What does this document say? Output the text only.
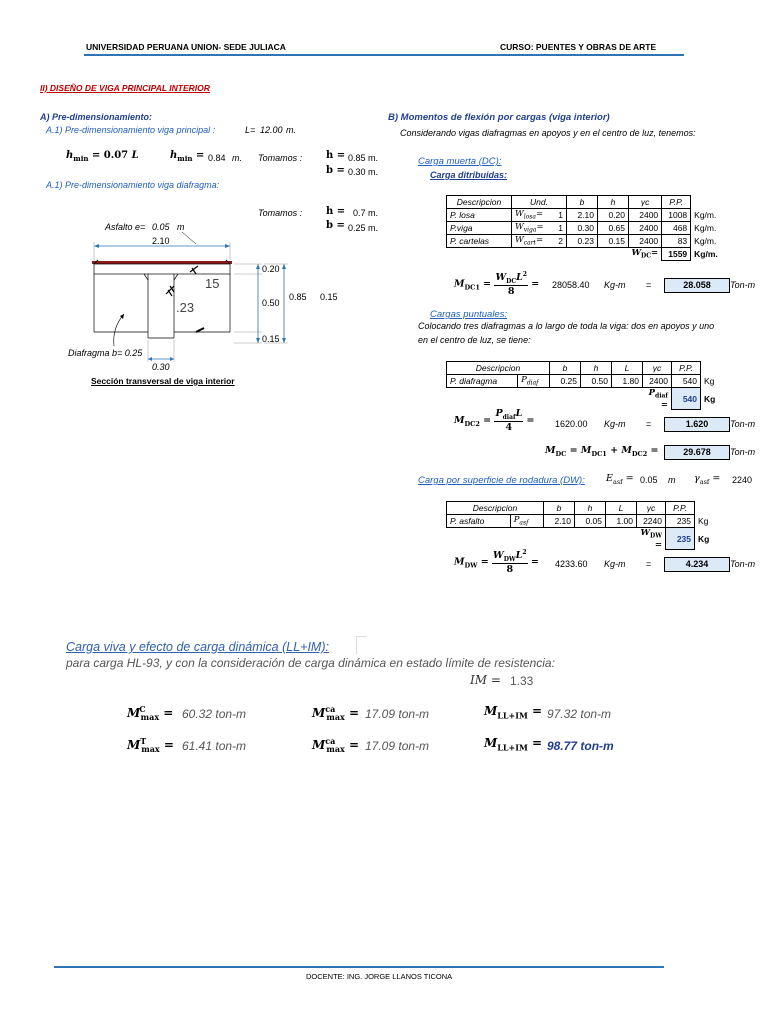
UNIVERSIDAD PERUANA UNION- SEDE JULIACA	CURSO: PUENTES Y OBRAS DE ARTE
II) DISEÑO DE VIGA PRINCIPAL INTERIOR
A) Pre-dimensionamiento:
A.1) Pre-dimensionamiento viga principal :	L= 12.00 m.
$h_{min} = 0.07$ L	$h_{min} = 0.84$ m. Tomamos : h = 0.85 m.
b = 0.30 m.
A.1) Pre-dimensionamiento viga diafragma:
Tomamos : h = 0.7 m.
b = 0.25 m.
Asfalto e= 0.05 m
2.10
0.20
0.50
0.15
0.85 0.15
15
.23
Diafragma b= 0.25
0.30
Sección transversal de viga interior
B) Momentos de flexión por cargas (viga interior)
Considerando vigas diafragmas en apoyos y en el centro de luz, tenemos:
Carga muerta (DC):
Carga ditribuidas:
Descripcion	Und.		b	h	γc	P.P.	
P. losa	$W_{losa}=$	1	2.10	0.20	2400	1008	Kg/m.
P.viga	$W_{viga}=$	1	0.30	0.65	2400	468	Kg/m.
P. cartelas	$W_{cart}=$	2	0.23	0.15	2400	83	Kg/m.
					$W_{DC}=$	1559	Kg/m.
$M_{DC1} = \frac{W_{DC}L^2}{8} = 28058.40$ Kg-m =	28.058	Ton-m
Cargas puntuales:
Colocando tres diafragmas a lo largo de toda la viga: dos en apoyos y uno
en el centro de luz, se tiene:
Descripcion		b	h	L	γc	P.P.	
P. diafragma	$P_{diaf}$	0.25	0.50	1.80	2400	540	Kg
					$P_{diaf}$ =	540	Kg
$M_{DC2} = \frac{P_{diaf}L}{4} = 1620.00$ Kg-m =	1.620	Ton-m
$M_{DC} = M_{DC1} + M_{DC2}$ =	29.678	Ton-m
Carga por superficie de rodadura (DW): $E_{asf} = 0.05$ m $\gamma_{asf} = 2240$
Descripcion		b	h	L	γc	P.P.	
P. asfalto	$P_{asf}$	2.10	0.05	1.00	2240	235	Kg
					$W_{DW}$ =	235	Kg
$M_{DW} = \frac{W_{DW}L^2}{8} = 4233.60$ Kg-m =	4.234	Ton-m
Carga viva y efecto de carga dinámica (LL+IM):
para carga HL-93, y con la consideración de carga dinámica en estado límite de resistencia:
IM = 1.33
$M^C_{max} = 60.32$ ton-m	$M^{ca}_{max} = 17.09$ ton-m	$M_{LL+IM} = 97.32$ ton-m
$M^T_{max} = 61.41$ ton-m	$M^{ca}_{max} = 17.09$ ton-m	$M_{LL+IM} = 98.77$ ton-m
DOCENTE: ING. JORGE LLANOS TICONA
